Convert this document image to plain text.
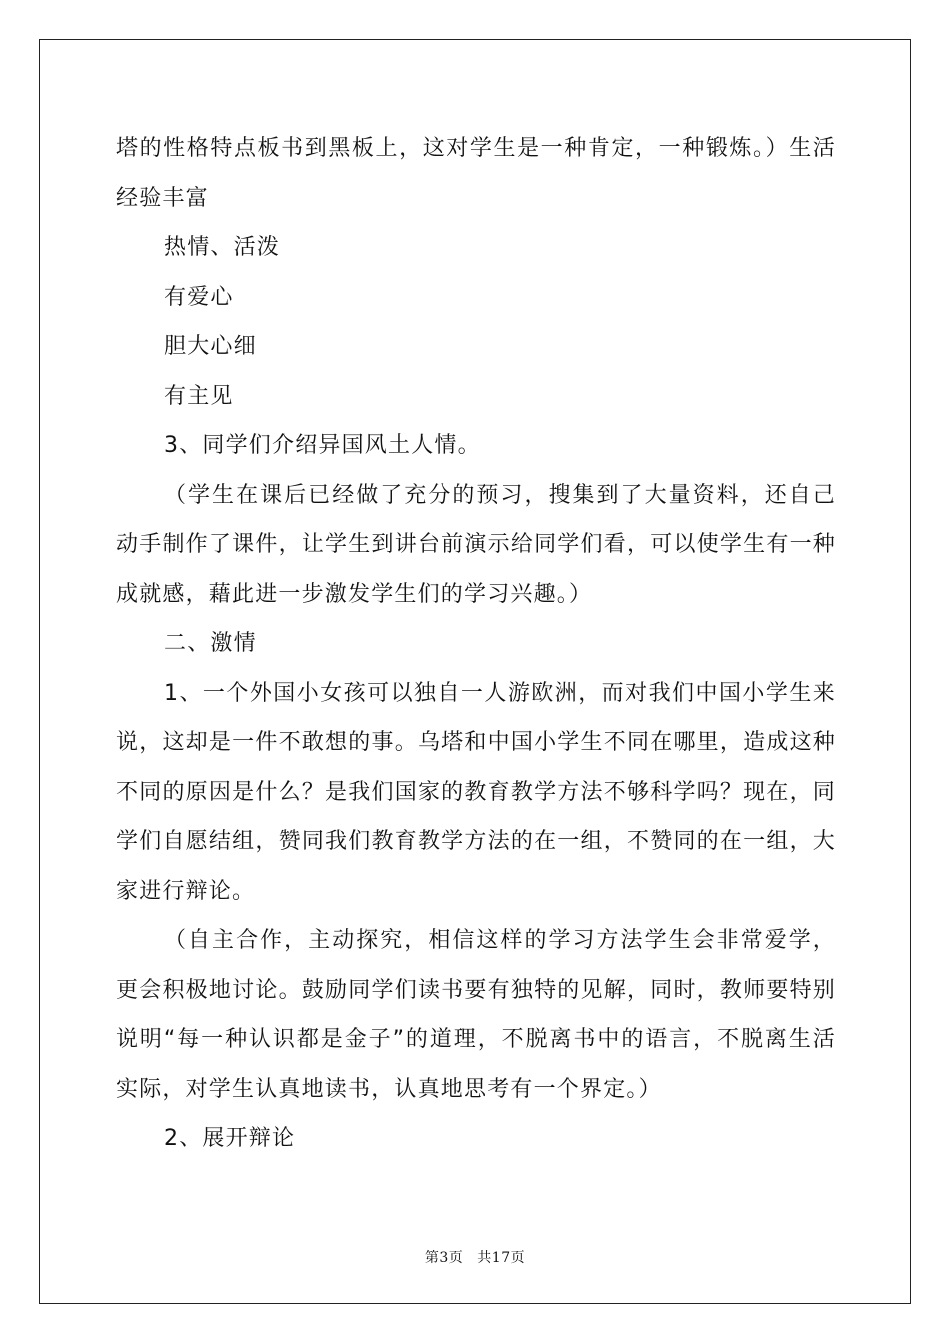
塔的性格特点板书到黑板上，这对学生是一种肯定，一种锻炼。）生活经验丰富

热情、活泼

有爱心

胆大心细

有主见

3、同学们介绍异国风土人情。

（学生在课后已经做了充分的预习，搜集到了大量资料，还自己动手制作了课件，让学生到讲台前演示给同学们看，可以使学生有一种成就感，藉此进一步激发学生们的学习兴趣。）

二、激情

1、一个外国小女孩可以独自一人游欧洲，而对我们中国小学生来说，这却是一件不敢想的事。乌塔和中国小学生不同在哪里，造成这种不同的原因是什么？是我们国家的教育教学方法不够科学吗？现在，同学们自愿结组，赞同我们教育教学方法的在一组，不赞同的在一组，大家进行辩论。

（自主合作，主动探究，相信这样的学习方法学生会非常爱学，更会积极地讨论。鼓励同学们读书要有独特的见解，同时，教师要特别说明“每一种认识都是金子”的道理，不脱离书中的语言，不脱离生活实际，对学生认真地读书，认真地思考有一个界定。）

2、展开辩论

第3页 共17页
